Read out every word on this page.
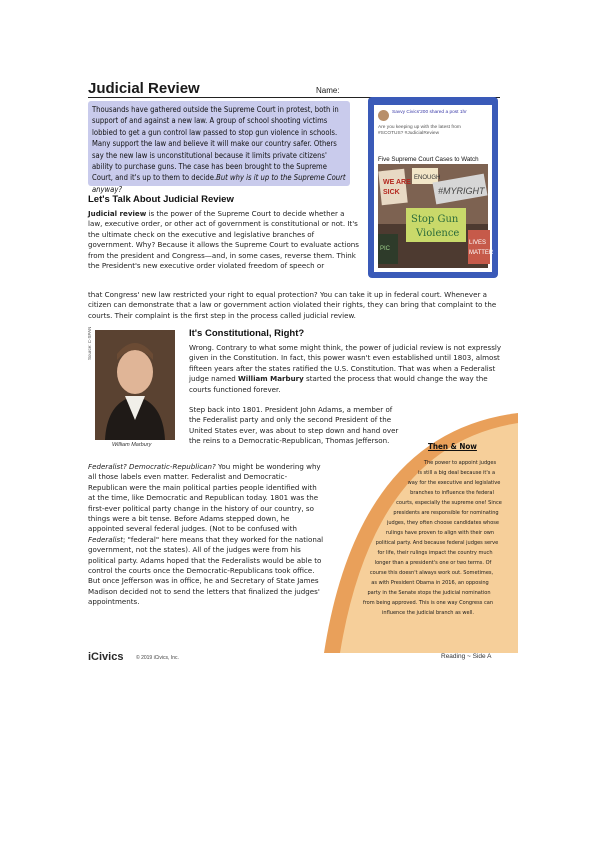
Judicial Review	Name:
Thousands have gathered outside the Supreme Court in protest, both in support of and against a new law. A group of school shooting victims lobbied to get a gun control law passed to stop gun violence in schools. Many support the law and believe it will make our country safer. Others say the new law is unconstitutional because it limits private citizens' ability to purchase guns. The case has been brought to the Supreme Court, and it's up to them to decide.But why is it up to the Supreme Court anyway?
Savvy Civics'200 shared a post 1hr
Are you keeping up with the latest from #SCOTUS? #JudicialReview
Five Supreme Court Cases to Watch
WE ARE
SICK
ENOUGH
#MYRIGHT
Stop Gun
Violence
LIVES
MATTER
PIC
Let's Talk About Judicial Review
Judicial review is the power of the Supreme Court to decide whether a law, executive order, or other act of government is constitutional or not. It's the ultimate check on the executive and legislative branches of government. Why? Because it allows the Supreme Court to evaluate actions from the president and Congress—and, in some cases, reverse them. Think the President's new executive order violated freedom of speech or
that Congress' new law restricted your right to equal protection? You can take it up in federal court. Whenever a citizen can demonstrate that a law or government action violated their rights, they can bring that complaint to the courts. Their complaint is the first step in the process called judicial review.
Source: C-SPAN
William Marbury
It's Constitutional, Right?
Wrong. Contrary to what some might think, the power of judicial review is not expressly given in the Constitution. In fact, this power wasn't even established until 1803, almost fifteen years after the states ratified the U.S. Constitution. That was when a Federalist judge named William Marbury started the process that would change the way the courts functioned forever.
Step back into 1801. President John Adams, a member of the Federalist party and only the second President of the United States ever, was about to step down and hand over the reins to a Democratic-Republican, Thomas Jefferson.
Federalist? Democratic-Republican? You might be wondering why all those labels even matter. Federalist and Democratic-Republican were the main political parties people identified with at the time, like Democratic and Republican today. 1801 was the first-ever political party change in the history of our country, so things were a bit tense. Before Adams stepped down, he appointed several federal judges. (Not to be confused with Federalist; "federal" here means that they worked for the national government, not the states). All of the judges were from his political party. Adams hoped that the Federalists would be able to control the courts once the Democratic-Republicans took office. But once Jefferson was in office, he and Secretary of State James Madison decided not to send the letters that finalized the judges' appointments.
Then & Now
The power to appoint judges
is still a big deal because it's a
way for the executive and legislative
branches to influence the federal
courts, especially the supreme one! Since
presidents are responsible for nominating
judges, they often choose candidates whose
rulings have proven to align with their own
political party. And because federal judges serve
for life, their rulings impact the country much
longer than a president's one or two terms. Of
course this doesn't always work out. Sometimes,
as with President Obama in 2016, an opposing
party in the Senate stops the judicial nomination
from being approved. This is one way Congress can
influence the judicial branch as well.
iCivics	© 2019 iCivics, Inc.	Reading ~ Side A
